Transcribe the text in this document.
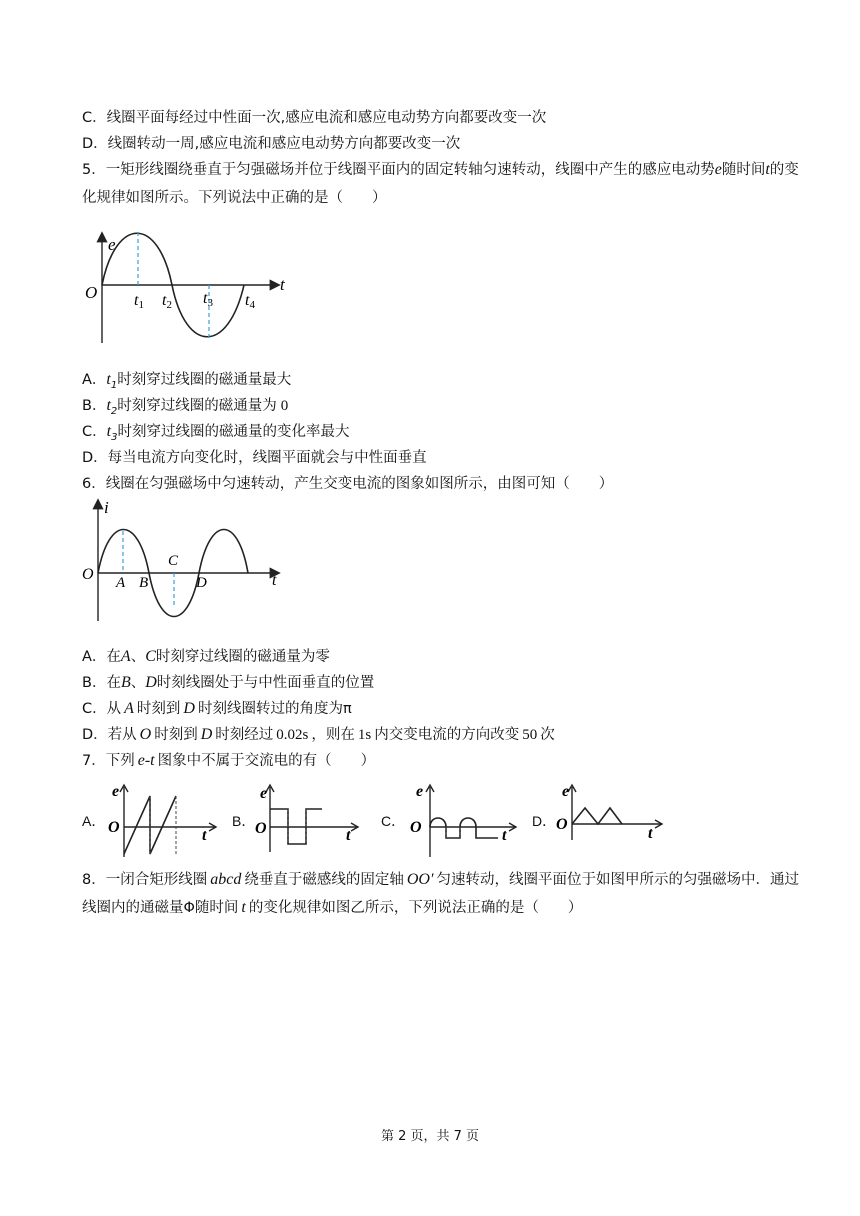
C．线圈平面每经过中性面一次,感应电流和感应电动势方向都要改变一次
D．线圈转动一周,感应电流和感应电动势方向都要改变一次
5．一矩形线圈绕垂直于匀强磁场并位于线圈平面内的固定转轴匀速转动，线圈中产生的感应电动势e随时间t的变化规律如图所示。下列说法中正确的是（　　）
e
t
O t1 t2 t3 t4
A．$t_1$时刻穿过线圈的磁通量最大
B．$t_2$时刻穿过线圈的磁通量为 0
C．$t_3$时刻穿过线圈的磁通量的变化率最大
D．每当电流方向变化时，线圈平面就会与中性面垂直
6．线圈在匀强磁场中匀速转动，产生交变电流的图象如图所示，由图可知（　　）
i
t
O A B
C
D
A．在A、C时刻穿过线圈的磁通量为零
B．在B、D时刻线圈处于与中性面垂直的位置
C．从 A 时刻到 D 时刻线圈转过的角度为π
D．若从 O 时刻到 D 时刻经过 0.02s ，则在 1s 内交变电流的方向改变 50 次
7．下列 e-t 图象中不属于交流电的有（　　）
A．
e
t
O	B．
e
t
O	C．
e
t
O	D．
e
t
O
8．一闭合矩形线圈 abcd 绕垂直于磁感线的固定轴 OO′ 匀速转动，线圈平面位于如图甲所示的匀强磁场中．通过线圈内的通磁量Φ随时间 t 的变化规律如图乙所示，下列说法正确的是（　　）
第 2 页，共 7 页
